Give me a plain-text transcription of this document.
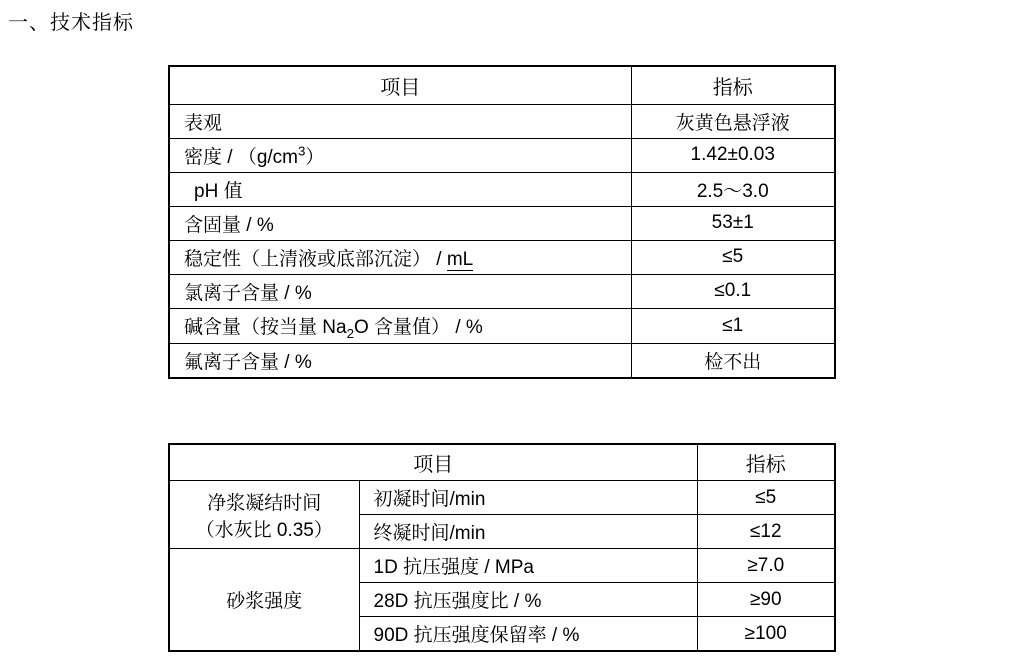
一、技术指标
项目	指标
表观	灰黄色悬浮液
密度 / $(g/cm^3)$	1.42±0.03
pH 值	2.5～3.0
含固量 / %	53±1
稳定性（上清液或底部沉淀） / mL	≤5
氯离子含量 / %	≤0.1
碱含量（按当量 $Na_2O$ 含量值） / %	≤1
氟离子含量 / %	检不出
项目		指标

净浆凝结时间
（水灰比 0.35）	初凝时间/min	≤5
	终凝时间/min	≤12
砂浆强度	1D 抗压强度 / MPa	≥7.0
	28D 抗压强度比 / %	≥90
	90D 抗压强度保留率 / %	≥100
